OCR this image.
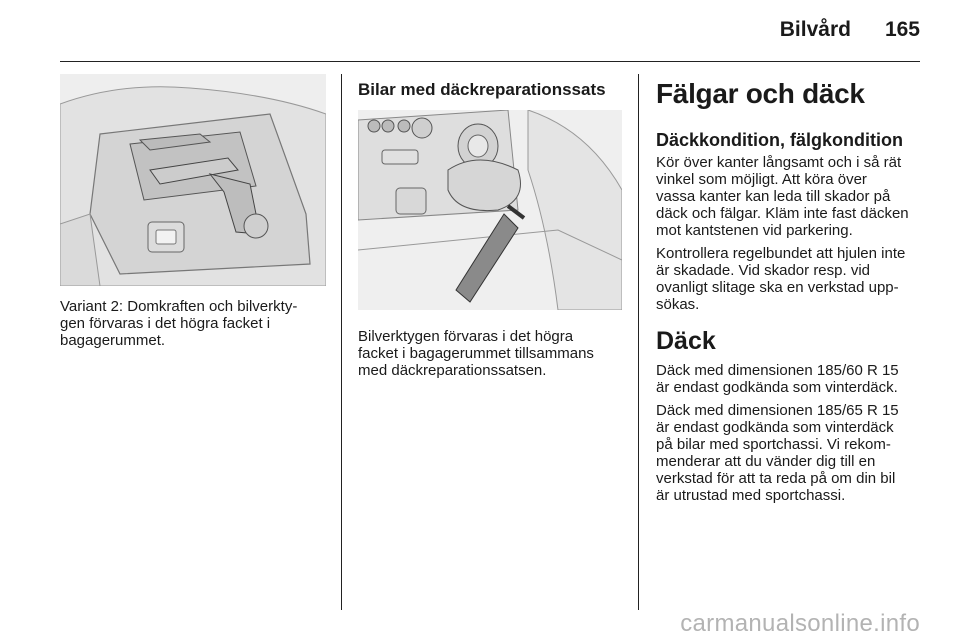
Bilvård 165

Variant 2: Domkraften och bilverkty-
gen förvaras i det högra facket i
bagagerummet.

Bilar med däckreparationssats

Bilverktygen förvaras i det högra
facket i bagagerummet tillsammans
med däckreparationssatsen.

Fälgar och däck
Däckkondition, fälgkondition

Kör över kanter långsamt och i så rät
vinkel som möjligt. Att köra över
vassa kanter kan leda till skador på
däck och fälgar. Kläm inte fast däcken
mot kantstenen vid parkering.

Kontrollera regelbundet att hjulen inte
är skadade. Vid skador resp. vid
ovanligt slitage ska en verkstad upp-
sökas.

Däck

Däck med dimensionen 185/60 R 15
är endast godkända som vinterdäck.

Däck med dimensionen 185/65 R 15
är endast godkända som vinterdäck
på bilar med sportchassi. Vi rekom-
menderar att du vänder dig till en
verkstad för att ta reda på om din bil
är utrustad med sportchassi.

carmanualsonline.info
